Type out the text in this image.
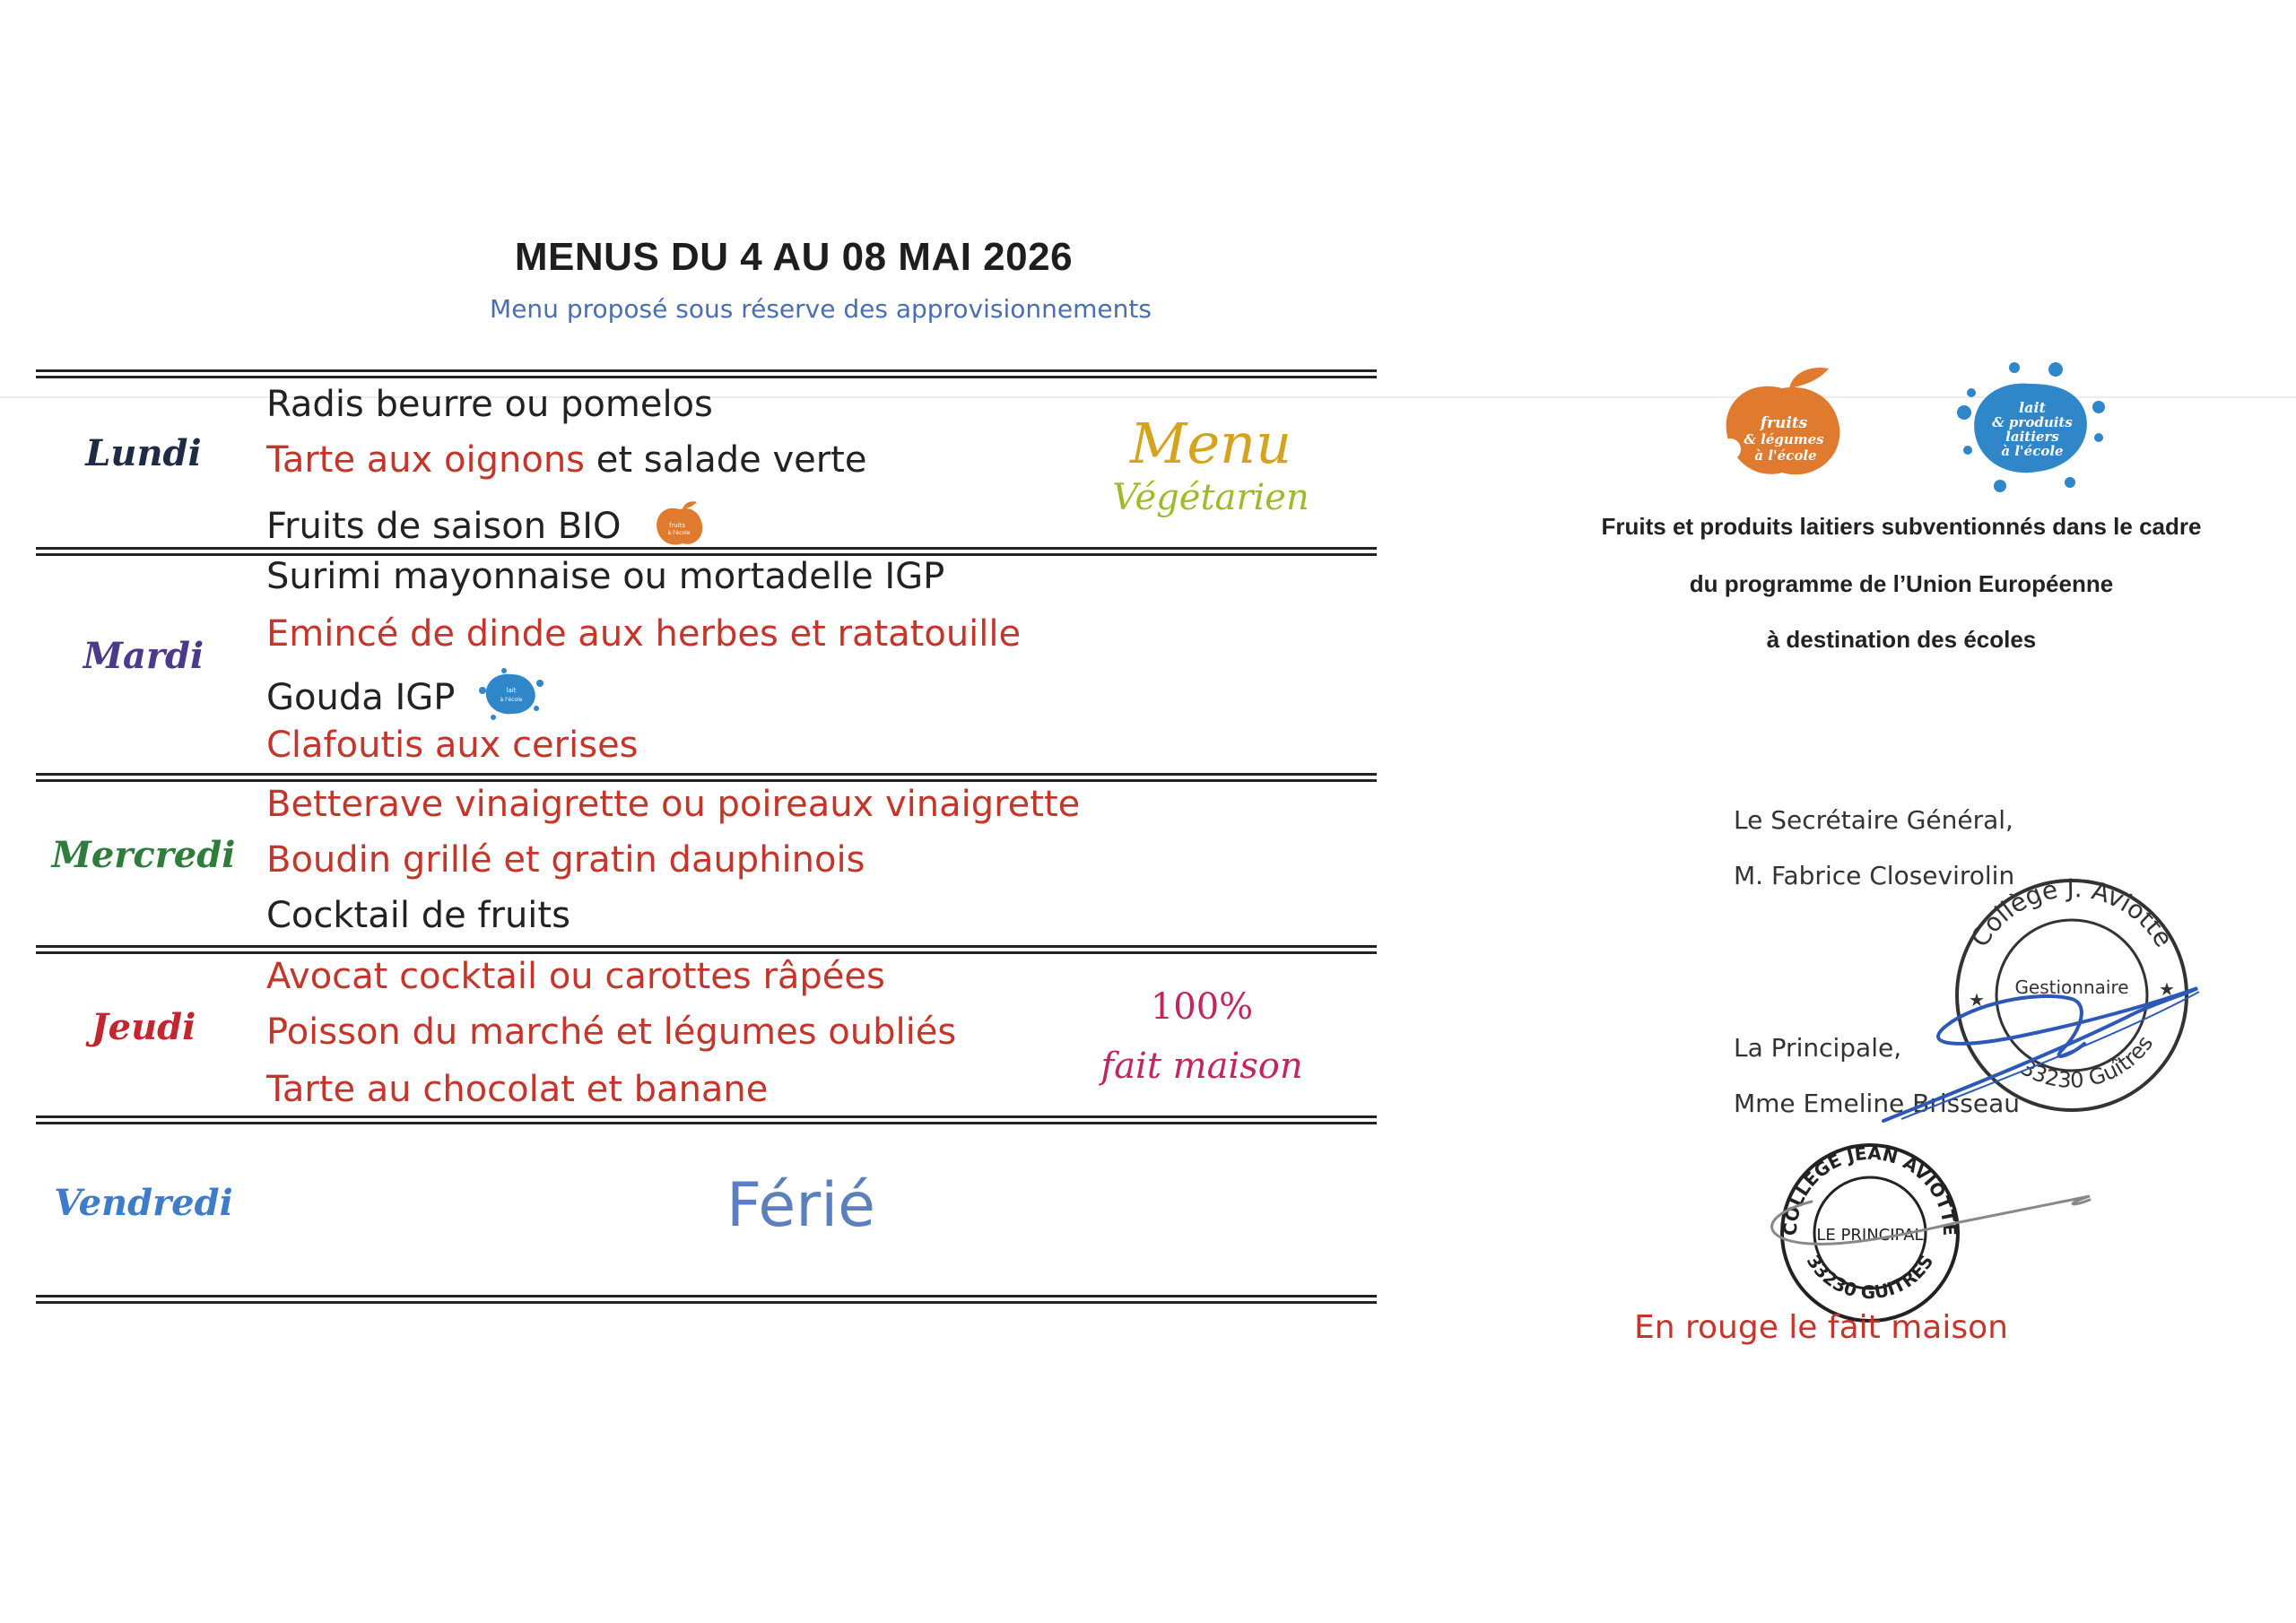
MENUS DU 4 AU 08 MAI 2026
Menu proposé sous réserve des approvisionnements
Lundi
Radis beurre ou pomelos
Tarte aux oignons et salade verte
Fruits de saison BIO	fruits
à l'école
Menu
Végétarien
Mardi
Surimi mayonnaise ou mortadelle IGP
Emincé de dinde aux herbes et ratatouille
Gouda IGP	lait
à l'école
Clafoutis aux cerises
Mercredi
Betterave vinaigrette ou poireaux vinaigrette
Boudin grillé et gratin dauphinois
Cocktail de fruits
Jeudi
Avocat cocktail ou carottes râpées
Poisson du marché et légumes oubliés
Tarte au chocolat et banane
100%
fait maison
Vendredi	Férié
fruits
& légumes
à l'école
lait
& produits
laitiers
à l'école
Fruits et produits laitiers subventionnés dans le cadre
du programme de l’Union Européenne
à destination des écoles
Le Secrétaire Général,
M. Fabrice Closevirolin
La Principale,
Mme Emeline Brisseau
Collège J. Aviotte
33230 Guîtres
Gestionnaire
★	★
COLLEGE JEAN AVIOTTE
33230 GUITRES
LE PRINCIPAL
En rouge le fait maison
